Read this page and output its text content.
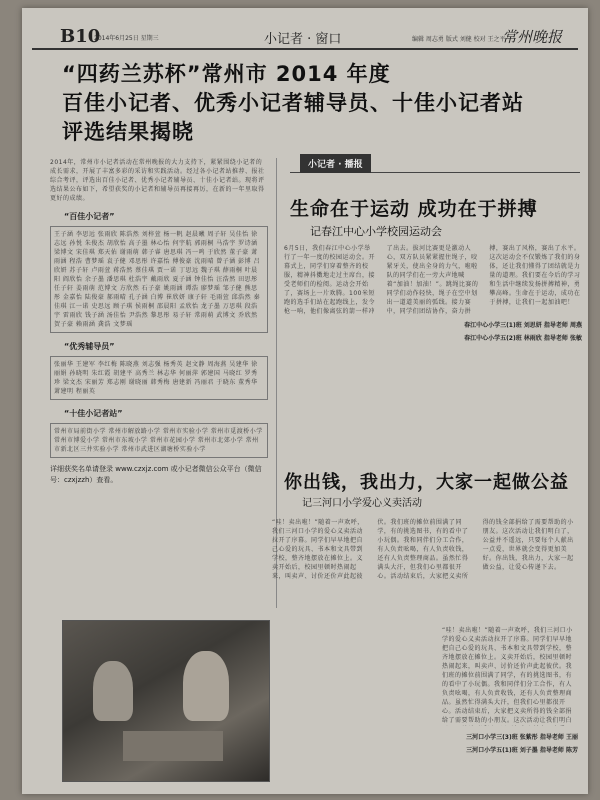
B10
2014年6月25日 星期三	小记者 · 窗口	编辑 周志勇 版式 刘健 校对 王之平
常州晚报
“四药兰苏杯”常州市 2014 年度
百佳小记者、优秀小记者辅导员、十佳小记者站
评选结果揭晓
2014年，常州市小记者活动在常州晚报的大力支持下，紧紧围绕小记者的成长需求，开展了丰富多彩的采访和实践活动。经过各小记者站推荐、报社综合考评，评选出百佳小记者、优秀小记者辅导员、十佳小记者站。现将评选结果公布如下，希望获奖的小记者和辅导员再接再厉，在新的一年里取得更好的成绩。
“百佳小记者”
王子涵 李思远 张雨欣 陈浩然 刘梓萱 杨一帆 赵晨曦 周子轩 吴佳怡 徐志远 孙悦 朱俊杰 胡欣怡 高子墨 林心怡 何宇航 郭雨桐 马浩宇 罗诗涵 梁博文 宋佳琪 郑天佑 谢雨萌 韩子睿 唐思琪 冯一鸣 于欣然 董子豪 萧雨涵 程浩 曹梦瑶 袁子健 邓思彤 许嘉怡 傅俊豪 沈雨晴 曾子涵 彭博 吕欣妍 苏子轩 卢雨萱 蒋浩然 蔡佳琪 贾一诺 丁思远 魏子琪 薛雨桐 叶晨阳 阎欣怡 余子墨 潘思琪 杜浩宇 戴雨欣 夏子涵 钟佳怡 汪浩然 田思彤 任子轩 姜雨萌 范博文 方欣然 石子豪 姚雨涵 谭浩 廖梦瑶 邹子健 熊思彤 金嘉怡 陆俊豪 郝雨晴 孔子涵 白博 崔欣妍 康子轩 毛雨萱 邱浩然 秦佳琪 江一诺 史思远 顾子琪 侯雨桐 邵晨阳 孟欣怡 龙子墨 万思琪 段浩宇 雷雨欣 钱子涵 汤佳怡 尹浩然 黎思彤 易子轩 常雨萌 武博文 乔欣然 贺子豪 赖雨涵 龚浩 文梦瑶
“优秀辅导员”
张丽华 王建军 李红梅 陈晓燕 刘志强 杨秀英 赵文静 周海燕 吴建华 徐丽娟 孙晓明 朱红霞 胡建平 高秀兰 林志华 何丽萍 郭建国 马晓红 罗秀珍 梁文杰 宋丽芳 郑志刚 谢晓丽 韩秀梅 唐建新 冯丽君 于晓东 董秀华 萧建明 程丽英
“十佳小记者站”
常州市局前街小学 常州市解放路小学 常州市实验小学 常州市觅渡桥小学 常州市博爱小学 常州市东坡小学 常州市花园小学 常州市北郊小学 常州市新北区三井实验小学 常州市武进区湖塘桥实验小学
详细获奖名单请登录 www.czxjz.com 或小记者微信公众平台（微信号：czxjzzh）查看。
小记者 · 播报
生命在于运动 成功在于拼搏
记春江中心小学校园运动会
6月5日，我们春江中心小学举行了一年一度的校园运动会。开幕式上，同学们穿着整齐的校服，精神抖擞地走过主席台，接受老师们的检阅。运动会开始了，赛场上一片欢腾。100米短跑的选手们站在起跑线上，发令枪一响，他们像离弦的箭一样冲了出去。拔河比赛更是激动人心，双方队员紧紧握住绳子，咬紧牙关，使出全身的力气，啦啦队的同学们在一旁大声地喊着“加油！加油！”。跳绳比赛的同学们动作轻快，绳子在空中划出一道道美丽的弧线。接力赛中，同学们团结协作，奋力拼搏，赛出了风格，赛出了水平。这次运动会不仅锻炼了我们的身体，还让我们懂得了团结就是力量的道理。我们要在今后的学习和生活中继续发扬拼搏精神，勇攀高峰。生命在于运动，成功在于拼搏，让我们一起加油吧！
春江中心小学三(1)班 刘思妍 指导老师 周燕
春江中心小学五(2)班 林雨欣 指导老师 张敏
你出钱，我出力，大家一起做公益
记三河口小学爱心义卖活动
“哇！卖出啦！”随着一声欢呼，我们三河口小学的爱心义卖活动拉开了序幕。同学们早早地把自己心爱的玩具、书本和文具带到学校，整齐地摆放在摊位上。义卖开始后，校园里顿时热闹起来，叫卖声、讨价还价声此起彼伏。我们班的摊位前围满了同学，有的挑选图书，有的看中了小玩偶。我和同伴们分工合作，有人负责吆喝，有人负责收钱，还有人负责整理商品。虽然忙得满头大汗，但我们心里都很开心。活动结束后，大家把义卖所得的钱全部捐给了需要帮助的小朋友。这次活动让我们明白了，公益并不遥远，只要每个人献出一点爱，世界就会变得更加美好。你出钱，我出力，大家一起做公益，让爱心传递下去。
“哇！卖出啦！”随着一声欢呼，我们三河口小学的爱心义卖活动拉开了序幕。同学们早早地把自己心爱的玩具、书本和文具带到学校，整齐地摆放在摊位上。义卖开始后，校园里顿时热闹起来，叫卖声、讨价还价声此起彼伏。我们班的摊位前围满了同学，有的挑选图书，有的看中了小玩偶。我和同伴们分工合作，有人负责吆喝，有人负责收钱，还有人负责整理商品。虽然忙得满头大汗，但我们心里都很开心。活动结束后，大家把义卖所得的钱全部捐给了需要帮助的小朋友。这次活动让我们明白
三河口小学三(3)班 张紫彤 指导老师 王丽
三河口小学五(1)班 刘子墨 指导老师 陈芳
